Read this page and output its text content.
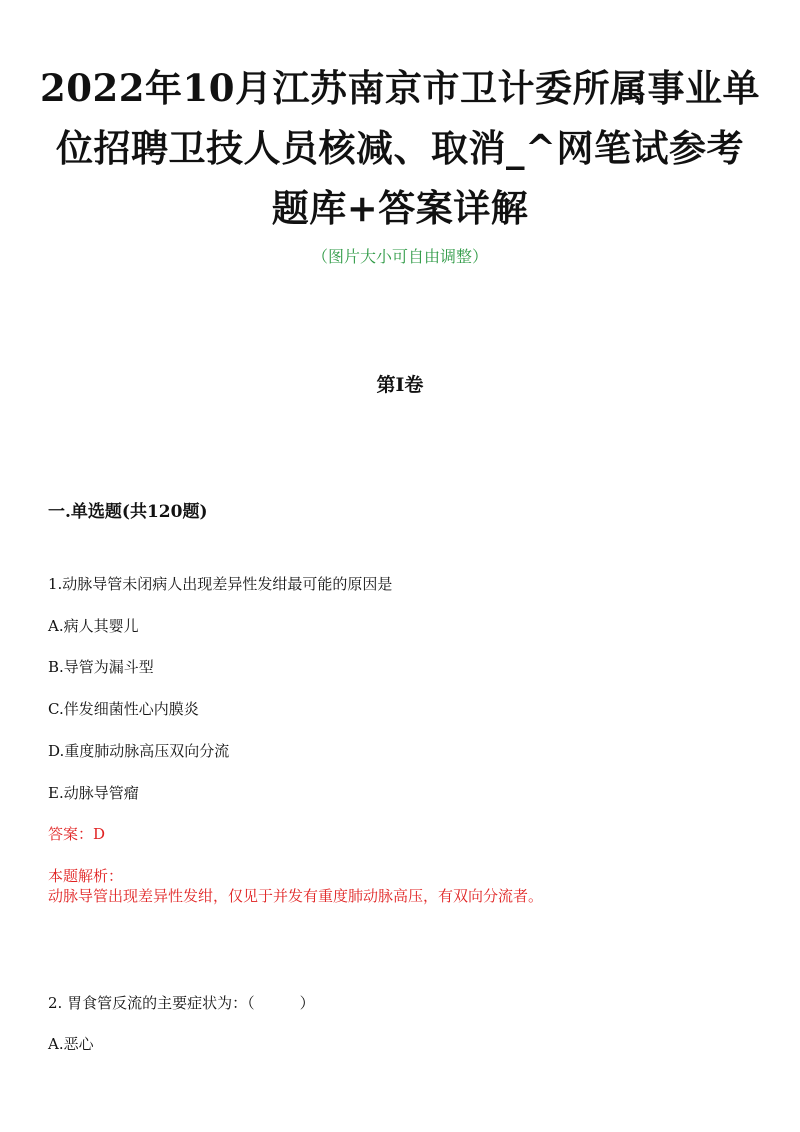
2022年10月江苏南京市卫计委所属事业单位招聘卫技人员核减、取消_^网笔试参考题库+答案详解
（图片大小可自由调整）
第I卷
一.单选题(共120题)
1.动脉导管未闭病人出现差异性发绀最可能的原因是
A.病人其婴儿
B.导管为漏斗型
C.伴发细菌性心内膜炎
D.重度肺动脉高压双向分流
E.动脉导管瘤
答案：D
本题解析：
动脉导管出现差异性发绀，仅见于并发有重度肺动脉高压，有双向分流者。
2. 胃食管反流的主要症状为：（　　　）
A.恶心
